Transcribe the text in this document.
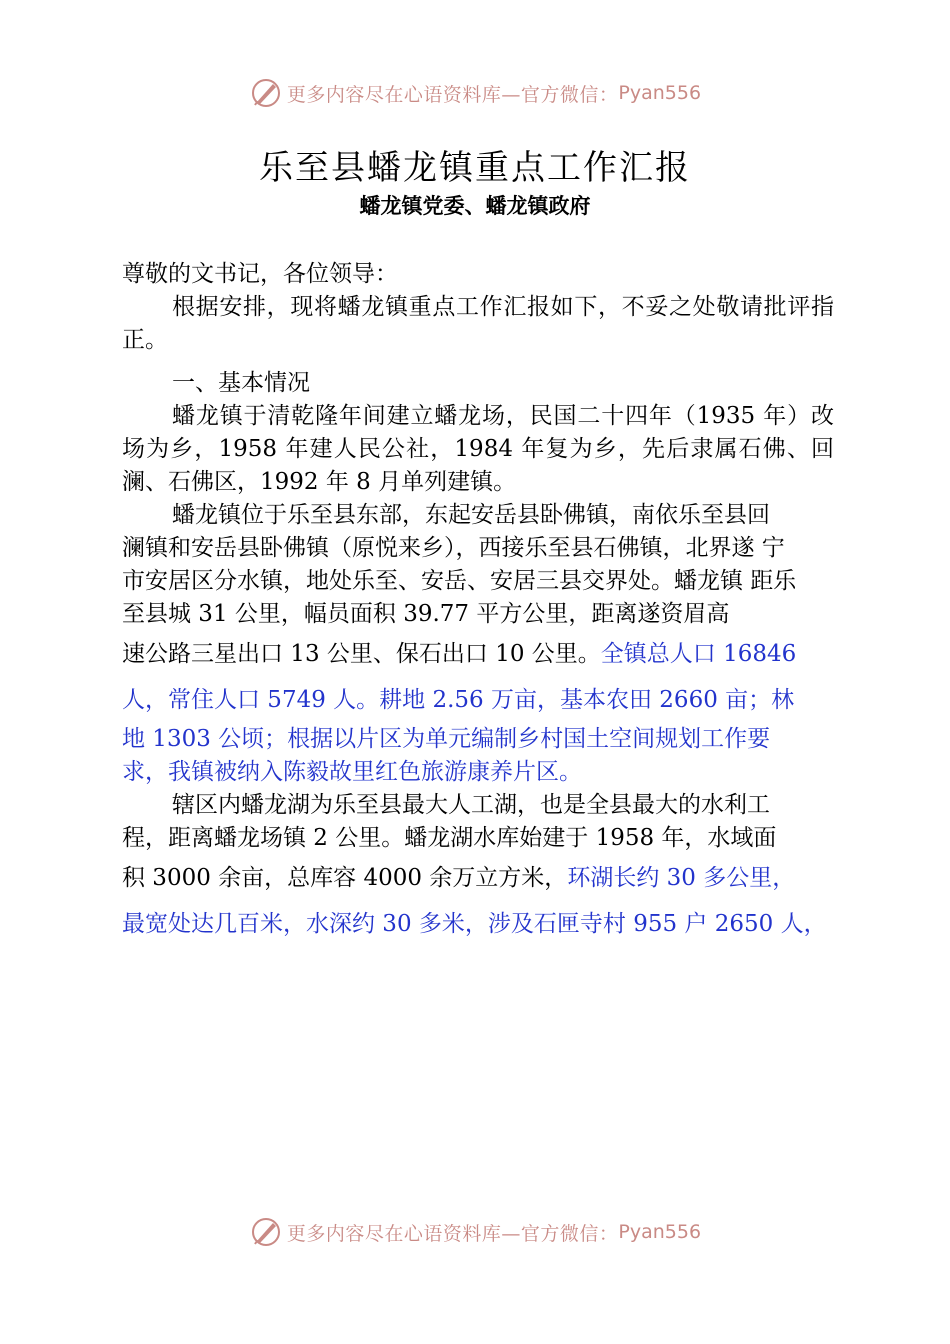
更多内容尽在心语资料库—官方微信： Pyan556
乐至县蟠龙镇重点工作汇报
蟠龙镇党委、蟠龙镇政府

尊敬的文书记，各位领导：

根据安排，现将蟠龙镇重点工作汇报如下，不妥之处敬请批评指正。

一、基本情况

蟠龙镇于清乾隆年间建立蟠龙场，民国二十四年（1935 年）改场为乡，1958 年建人民公社，1984 年复为乡，先后隶属石佛、回澜、石佛区，1992 年 8 月单列建镇。

蟠龙镇位于乐至县东部，东起安岳县卧佛镇，南依乐至县回
澜镇和安岳县卧佛镇（原悦来乡），西接乐至县石佛镇，北界遂 宁
市安居区分水镇，地处乐至、安岳、安居三县交界处。蟠龙镇 距乐
至县城 31 公里，幅员面积 39.77 平方公里，距离遂资眉高
速公路三星出口 13 公里、保石出口 10 公里。全镇总人口 16846
人，常住人口 5749 人。耕地 2.56 万亩，基本农田 2660 亩；林
地 1303 公顷；根据以片区为单元编制乡村国土空间规划工作要
求，我镇被纳入陈毅故里红色旅游康养片区。

辖区内蟠龙湖为乐至县最大人工湖，也是全县最大的水利工
程，距离蟠龙场镇 2 公里。蟠龙湖水库始建于 1958 年，水域面
积 3000 余亩，总库容 4000 余万立方米，环湖长约 30 多公里，
最宽处达几百米，水深约 30 多米，涉及石匣寺村 955 户 2650 人，

更多内容尽在心语资料库—官方微信： Pyan556
